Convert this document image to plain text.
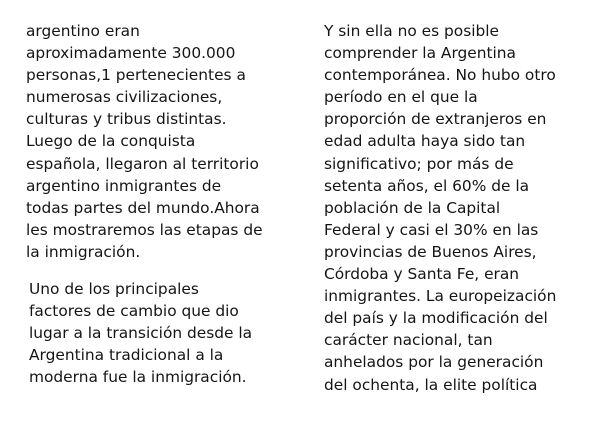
argentino eran
aproximadamente 300.000
personas,1 pertenecientes a
numerosas civilizaciones,
culturas y tribus distintas.
Luego de la conquista
española, llegaron al territorio
argentino inmigrantes de
todas partes del mundo.Ahora
les mostraremos las etapas de
la inmigración.
Uno de los principales
factores de cambio que dio
lugar a la transición desde la
Argentina tradicional a la
moderna fue la inmigración.
Y sin ella no es posible
comprender la Argentina
contemporánea. No hubo otro
período en el que la
proporción de extranjeros en
edad adulta haya sido tan
significativo; por más de
setenta años, el 60% de la
población de la Capital
Federal y casi el 30% en las
provincias de Buenos Aires,
Córdoba y Santa Fe, eran
inmigrantes. La europeización
del país y la modificación del
carácter nacional, tan
anhelados por la generación
del ochenta, la elite política
